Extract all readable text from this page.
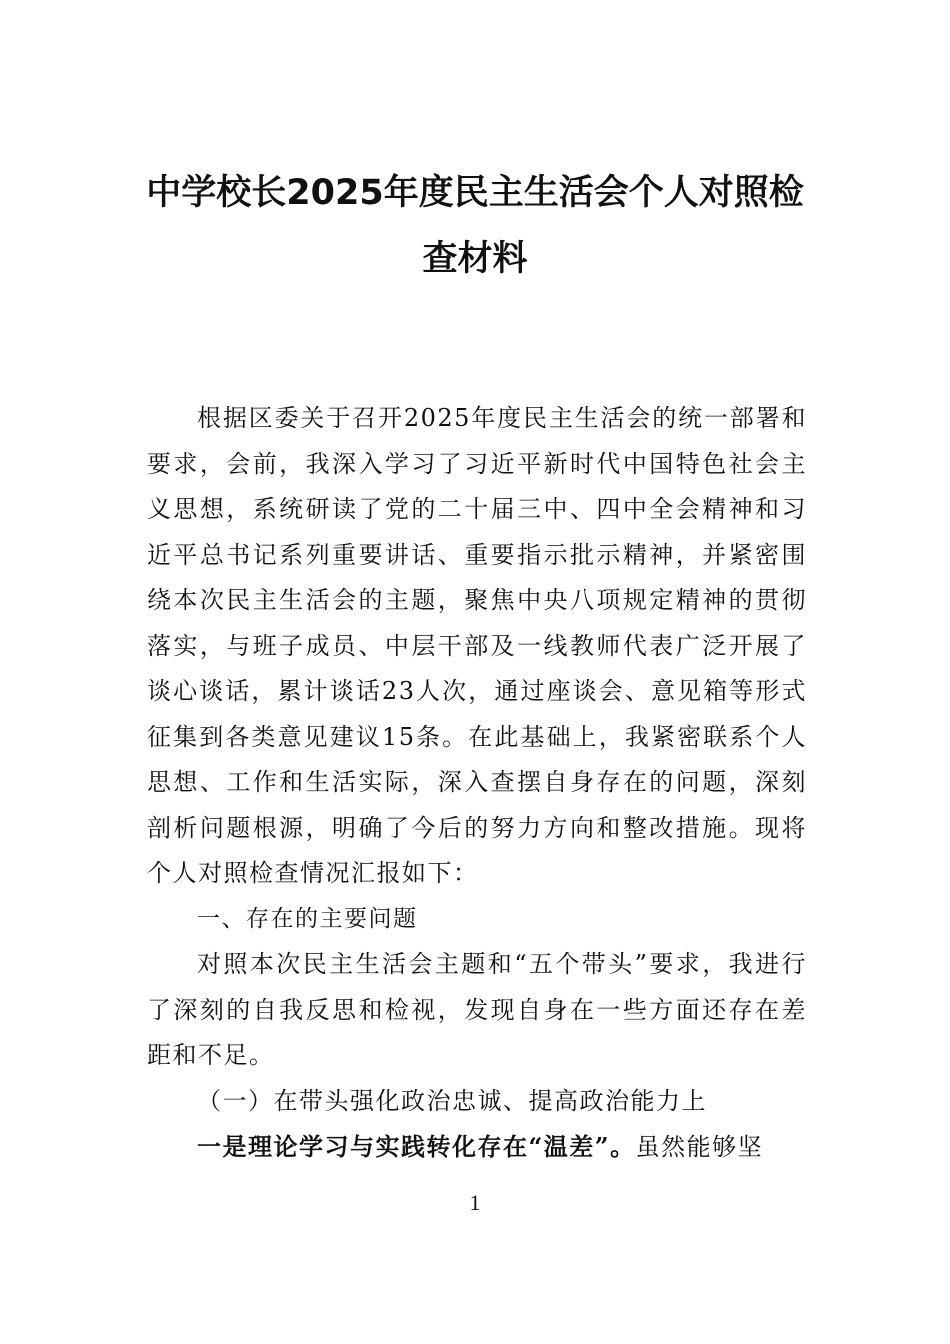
中学校长2025年度民主生活会个人对照检查材料

根据区委关于召开2025年度民主生活会的统一部署和要求，会前，我深入学习了习近平新时代中国特色社会主义思想，系统研读了党的二十届三中、四中全会精神和习近平总书记系列重要讲话、重要指示批示精神，并紧密围绕本次民主生活会的主题，聚焦中央八项规定精神的贯彻落实，与班子成员、中层干部及一线教师代表广泛开展了谈心谈话，累计谈话23人次，通过座谈会、意见箱等形式征集到各类意见建议15条。在此基础上，我紧密联系个人思想、工作和生活实际，深入查摆自身存在的问题，深刻剖析问题根源，明确了今后的努力方向和整改措施。现将个人对照检查情况汇报如下：

一、存在的主要问题

对照本次民主生活会主题和“五个带头”要求，我进行了深刻的自我反思和检视，发现自身在一些方面还存在差距和不足。

（一）在带头强化政治忠诚、提高政治能力上

一是理论学习与实践转化存在“温差”。虽然能够坚

1
